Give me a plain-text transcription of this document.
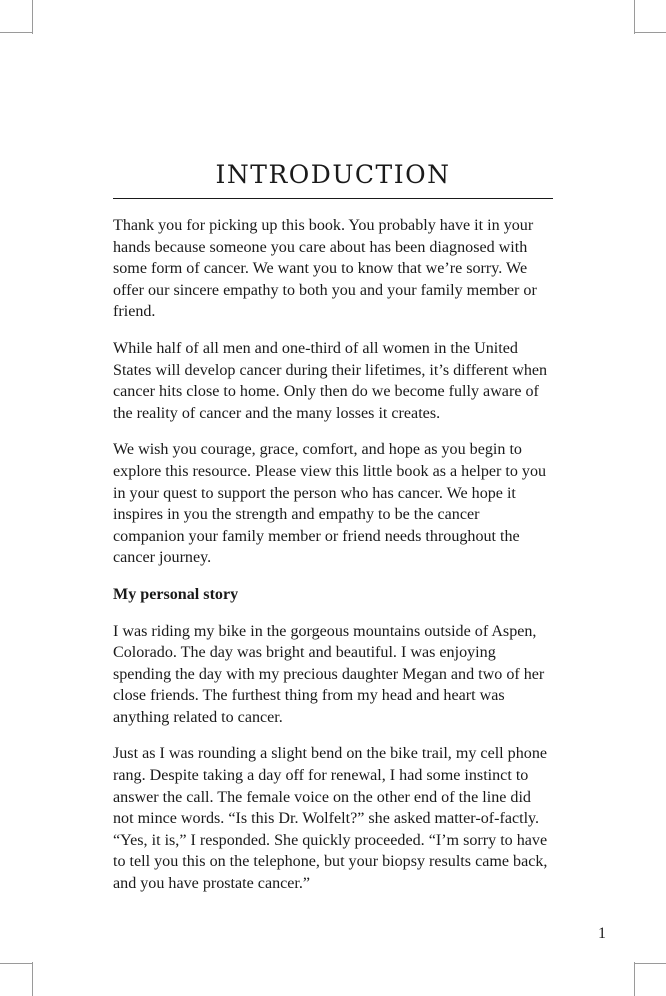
INTRODUCTION

Thank you for picking up this book. You probably have it in your hands because someone you care about has been diagnosed with some form of cancer. We want you to know that we’re sorry. We offer our sincere empathy to both you and your family member or friend.

While half of all men and one-third of all women in the United States will develop cancer during their lifetimes, it’s different when cancer hits close to home. Only then do we become fully aware of the reality of cancer and the many losses it creates.

We wish you courage, grace, comfort, and hope as you begin to explore this resource. Please view this little book as a helper to you in your quest to support the person who has cancer. We hope it inspires in you the strength and empathy to be the cancer companion your family member or friend needs throughout the cancer journey.

My personal story

I was riding my bike in the gorgeous mountains outside of Aspen, Colorado. The day was bright and beautiful. I was enjoying spending the day with my precious daughter Megan and two of her close friends. The furthest thing from my head and heart was anything related to cancer.

Just as I was rounding a slight bend on the bike trail, my cell phone rang. Despite taking a day off for renewal, I had some instinct to answer the call. The female voice on the other end of the line did not mince words. “Is this Dr. Wolfelt?” she asked matter-of-factly. “Yes, it is,” I responded. She quickly proceeded. “I’m sorry to have to tell you this on the telephone, but your biopsy results came back, and you have prostate cancer.”

1
